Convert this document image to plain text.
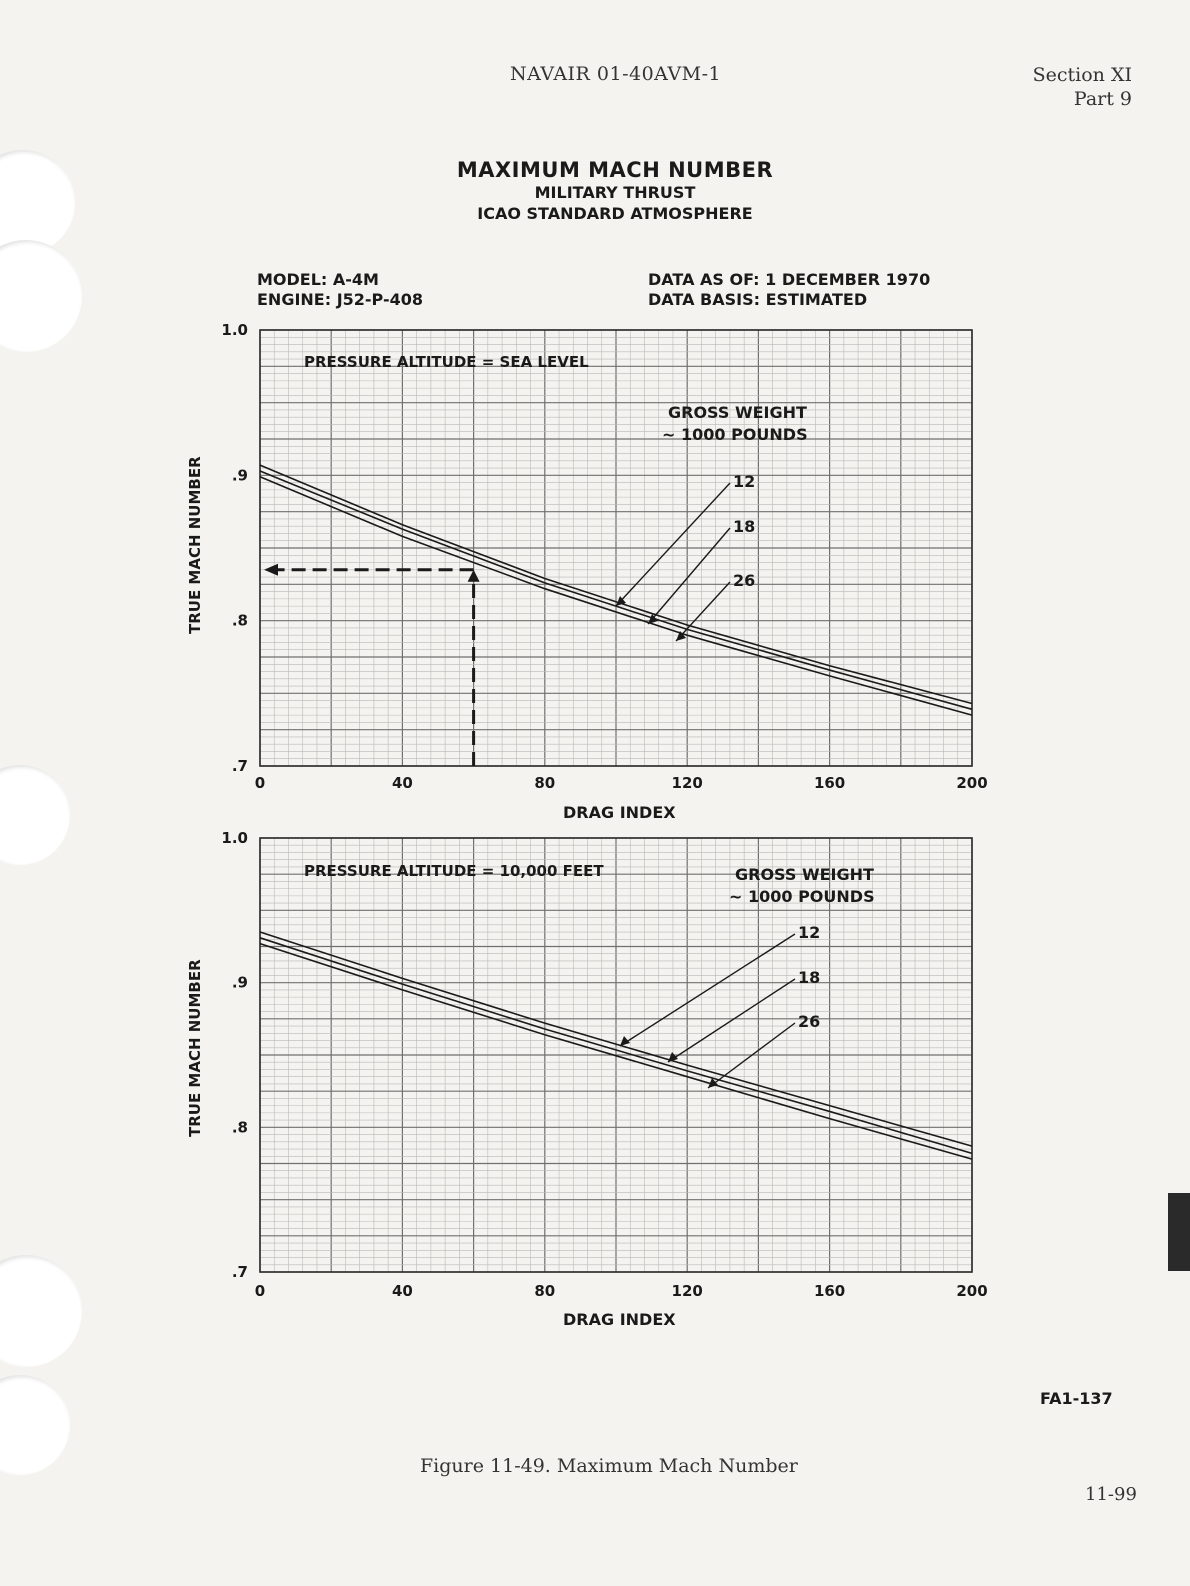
NAVAIR 01-40AVM-1	Section XI
Part 9
MAXIMUM MACH NUMBER
MILITARY THRUST
ICAO STANDARD ATMOSPHERE
MODEL: A-4M
ENGINE: J52-P-408
DATA AS OF: 1 DECEMBER 1970
DATA BASIS: ESTIMATED
1.0
.9
.8
.7
0	40	80	120	160	200
PRESSURE ALTITUDE = SEA LEVEL
GROSS WEIGHT
~ 1000 POUNDS
12
18
26
1.0
.9
.8
.7
0	40	80	120	160	200
PRESSURE ALTITUDE = 10,000 FEET	GROSS WEIGHT
~ 1000 POUNDS
12
18
26
TRUE MACH NUMBER
DRAG INDEX
TRUE MACH NUMBER
DRAG INDEX
FA1-137
Figure 11-49. Maximum Mach Number
11-99
